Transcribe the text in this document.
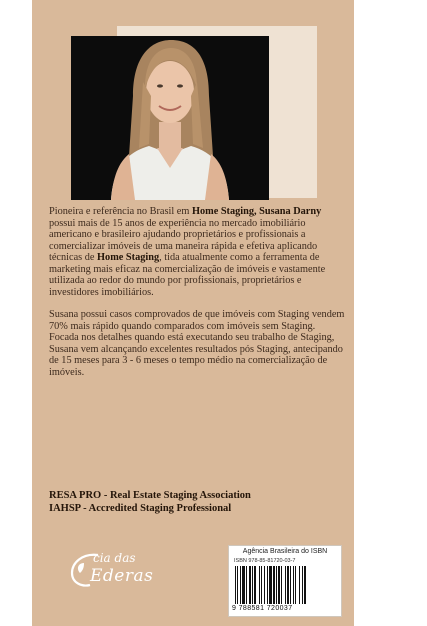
Pioneira e referência no Brasil em Home Staging, Susana Darny possui mais de 15 anos de experiência no mercado imobiliário americano e brasileiro ajudando proprietários e profissionais a comercializar imóveis de uma maneira rápida e efetiva aplicando técnicas de Home Staging, tida atualmente como a ferramenta de marketing mais eficaz na comercialização de imóveis e vastamente utilizada ao redor do mundo por profissionais, proprietários e investidores imobiliários.

Susana possui casos comprovados de que imóveis com Staging vendem 70% mais rápido quando comparados com imóveis sem Staging.

Focada nos detalhes quando está executando seu trabalho de Staging, Susana vem alcançando excelentes resultados pós Staging, antecipando de 15 meses para 3 - 6 meses o tempo médio na comercialização de imóveis.

RESA PRO - Real Estate Staging Association
IAHSP - Accredited Staging Professional
cia das
Ederas
Agência Brasileira do ISBN
ISBN 978-85-81720-03-7
9 788581 720037
